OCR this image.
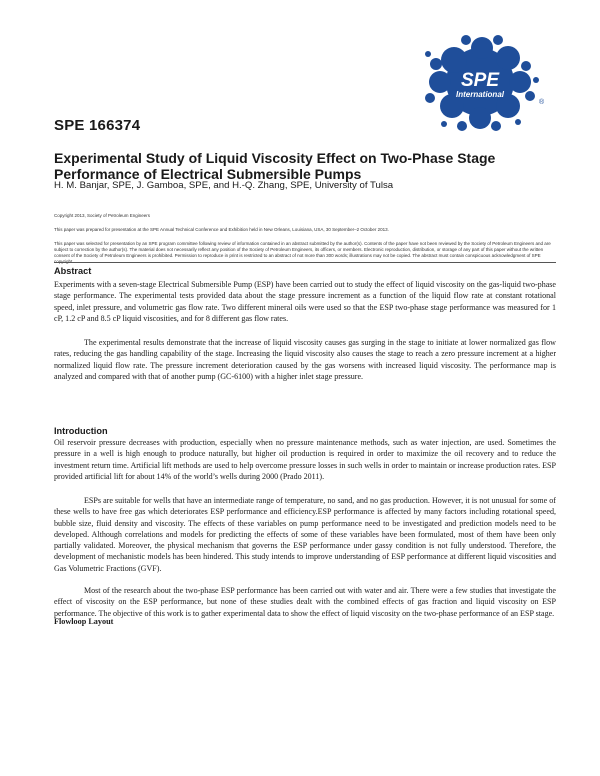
SPE
International
®
SPE 166374
Experimental Study of Liquid Viscosity Effect on Two-Phase Stage Performance of Electrical Submersible Pumps
H. M. Banjar, SPE, J. Gamboa, SPE, and H.-Q. Zhang, SPE, University of Tulsa
Copyright 2013, Society of Petroleum Engineers
This paper was prepared for presentation at the SPE Annual Technical Conference and Exhibition held in New Orleans, Louisiana, USA, 30 September–2 October 2013.
This paper was selected for presentation by an SPE program committee following review of information contained in an abstract submitted by the author(s). Contents of the paper have not been reviewed by the Society of Petroleum Engineers and are subject to correction by the author(s). The material does not necessarily reflect any position of the Society of Petroleum Engineers, its officers, or members. Electronic reproduction, distribution, or storage of any part of this paper without the written consent of the Society of Petroleum Engineers is prohibited. Permission to reproduce in print is restricted to an abstract of not more than 300 words; illustrations may not be copied. The abstract must contain conspicuous acknowledgment of SPE
Abstract
Experiments with a seven-stage Electrical Submersible Pump (ESP) have been carried out to study the effect of liquid viscosity on the gas-liquid two-phase stage performance. The experimental tests provided data about the stage pressure increment as a function of the liquid flow rate at constant rotational speed, inlet pressure, and volumetric gas flow rate. Two different mineral oils were used so that the ESP two-phase stage performance was measured for 1 cP, 1.2 cP and 8.5 cP liquid viscosities, and for 8 different gas flow rates.
The experimental results demonstrate that the increase of liquid viscosity causes gas surging in the stage to initiate at lower normalized gas flow rates, reducing the gas handling capability of the stage. Increasing the liquid viscosity also causes the stage to reach a zero pressure increment at a higher normalized liquid flow rate. The pressure increment deterioration caused by the gas worsens with increased liquid viscosity. The performance map is analyzed and compared with that of another pump (GC-6100) with a higher inlet stage pressure.
Introduction
Oil reservoir pressure decreases with production, especially when no pressure maintenance methods, such as water injection, are used. Sometimes the pressure in a well is high enough to produce naturally, but higher oil production is required in order to maximize the oil recovery and to reduce the investment return time. Artificial lift methods are used to help overcome pressure losses in such wells in order to maintain or increase production rates. ESP provided artificial lift for about 14% of the world’s wells during 2000 (Prado 2011).
ESPs are suitable for wells that have an intermediate range of temperature, no sand, and no gas production. However, it is not unusual for some of these wells to have free gas which deteriorates ESP performance and efficiency.ESP performance is affected by many factors including rotational speed, bubble size, fluid density and viscosity. The effects of these variables on pump performance need to be investigated and prediction models need to be developed. Although correlations and models for predicting the effects of some of these variables have been formulated, most of them have been only partially validated. Moreover, the physical mechanism that governs the ESP performance under gassy condition is not fully understood. Therefore, the development of mechanistic models has been hindered. This study intends to improve understanding of ESP performance at different liquid viscosities and Gas Volumetric Fractions (GVF).
Most of the research about the two-phase ESP performance has been carried out with water and air. There were a few studies that investigate the effect of viscosity on the ESP performance, but none of these studies dealt with the combined effects of gas fraction and liquid viscosity on ESP performance. The objective of this work is to gather experimental data to show the effect of liquid viscosity on the two-phase performance of an ESP stage.
Flowloop Layout
